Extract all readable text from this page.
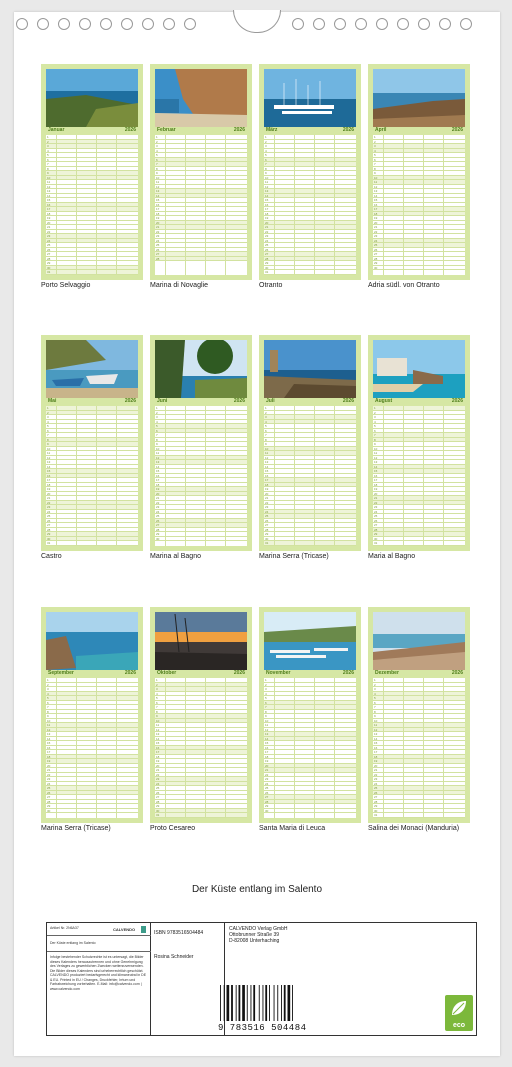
Januar	2026
1
2
3
4
5
6
7
8
9
10
11
12
13
14
15
16
17
18
19
20
21
22
23
24
25
26
27
28
29
30
31
Porto Selvaggio
Februar	2026
1
2
3
4
5
6
7
8
9
10
11
12
13
14
15
16
17
18
19
20
21
22
23
24
25
26
27
28
Marina di Novaglie
März	2026
1
2
3
4
5
6
7
8
9
10
11
12
13
14
15
16
17
18
19
20
21
22
23
24
25
26
27
28
29
30
31
Otranto
April	2026
1
2
3
4
5
6
7
8
9
10
11
12
13
14
15
16
17
18
19
20
21
22
23
24
25
26
27
28
29
30
Adria südl. von Otranto
Mai	2026
1
2
3
4
5
6
7
8
9
10
11
12
13
14
15
16
17
18
19
20
21
22
23
24
25
26
27
28
29
30
31
Castro
Juni	2026
1
2
3
4
5
6
7
8
9
10
11
12
13
14
15
16
17
18
19
20
21
22
23
24
25
26
27
28
29
30
Marina al Bagno
Juli	2026
1
2
3
4
5
6
7
8
9
10
11
12
13
14
15
16
17
18
19
20
21
22
23
24
25
26
27
28
29
30
31
Marina Serra (Tricase)
August	2026
1
2
3
4
5
6
7
8
9
10
11
12
13
14
15
16
17
18
19
20
21
22
23
24
25
26
27
28
29
30
31
Maria al Bagno
September	2026
1
2
3
4
5
6
7
8
9
10
11
12
13
14
15
16
17
18
19
20
21
22
23
24
25
26
27
28
29
30
Marina Serra (Tricase)
Oktober	2026
1
2
3
4
5
6
7
8
9
10
11
12
13
14
15
16
17
18
19
20
21
22
23
24
25
26
27
28
29
30
31
Proto Cesareo
November	2026
1
2
3
4
5
6
7
8
9
10
11
12
13
14
15
16
17
18
19
20
21
22
23
24
25
26
27
28
29
30
Santa Maria di Leuca
Dezember	2026
1
2
3
4
5
6
7
8
9
10
11
12
13
14
15
16
17
18
19
20
21
22
23
24
25
26
27
28
29
30
31
Salina dei Monaci (Manduria)
Der Küste entlang im Salento
Artikel Nr. 2N6A37	CALVENDO
Der Küste entlang im Salento
Infolge bestehender Schutzrechte ist es untersagt, die Bilder dieses Kalenders herauszutrennen und ohne Genehmigung des Verlages zu gewerblichen Zwecken weiterzuverwenden. Die Bilder dieses Kalenders sind urheberrechtlich geschützt. CALVENDO produziert bedarfsgerecht und klimaneutral in DE & EU. Printed in EU / Changes, Druckfehler, Irrtum und Farbabweichung vorbehalten. E-Mail: info@calvendo.com | www.calvendo.com
ISBN 9783516504484
Rosina Schneider
CALVENDO Verlag GmbH
Ottobrunner Straße 39
D-82008 Unterhaching
9 783516 504484	eco
